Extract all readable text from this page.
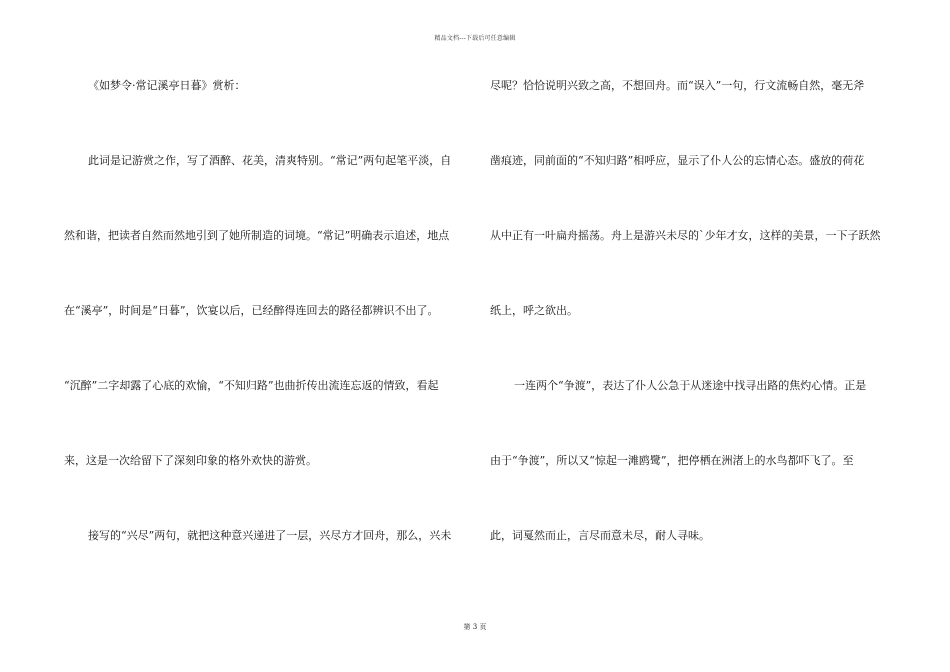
精品文档---下载后可任意编辑
《如梦令·常记溪亭日暮》赏析：
此词是记游赏之作，写了酒醉、花美，清爽特别。“常记”两句起笔平淡，自
然和谐，把读者自然而然地引到了她所制造的词境。“常记”明确表示追述，地点
在“溪亭”，时间是“日暮”，饮宴以后，已经醉得连回去的路径都辨识不出了。
“沉醉”二字却露了心底的欢愉，“不知归路”也曲折传出流连忘返的情致，看起
来，这是一次给留下了深刻印象的格外欢快的游赏。
接写的“兴尽”两句，就把这种意兴递进了一层，兴尽方才回舟，那么，兴未
尽呢？恰恰说明兴致之高，不想回舟。而“误入”一句，行文流畅自然，毫无斧
凿痕迹，同前面的“不知归路”相呼应，显示了仆人公的忘情心态。盛放的荷花
从中正有一叶扁舟摇荡。舟上是游兴未尽的`少年才女，这样的美景，一下子跃然
纸上，呼之欲出。
一连两个“争渡”，表达了仆人公急于从迷途中找寻出路的焦灼心情。正是
由于“争渡”，所以又“惊起一滩鸥鹭”，把停栖在洲渚上的水鸟都吓飞了。至
此，词戛然而止，言尽而意未尽，耐人寻味。
第 3 页
